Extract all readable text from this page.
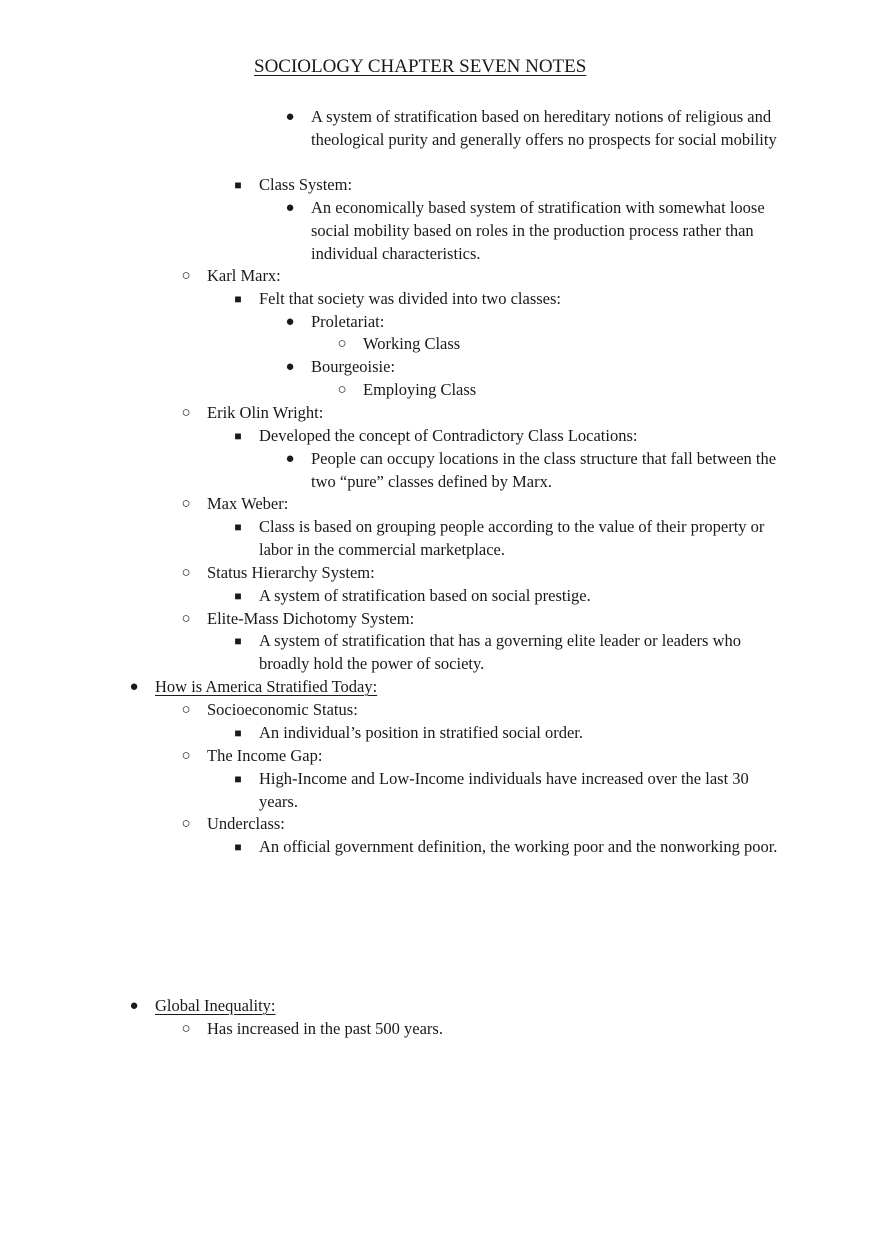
SOCIOLOGY CHAPTER SEVEN NOTES
● A system of stratification based on hereditary notions of religious and theological purity and generally offers no prospects for social mobility
■ Class System:
● An economically based system of stratification with somewhat loose social mobility based on roles in the production process rather than individual characteristics.
○ Karl Marx:
■ Felt that society was divided into two classes:
● Proletariat:
○ Working Class
● Bourgeoisie:
○ Employing Class
○ Erik Olin Wright:
■ Developed the concept of Contradictory Class Locations:
● People can occupy locations in the class structure that fall between the two “pure” classes defined by Marx.
○ Max Weber:
■ Class is based on grouping people according to the value of their property or labor in the commercial marketplace.
○ Status Hierarchy System:
■ A system of stratification based on social prestige.
○ Elite-Mass Dichotomy System:
■ A system of stratification that has a governing elite leader or leaders who broadly hold the power of society.
● How is America Stratified Today:
○ Socioeconomic Status:
■ An individual’s position in stratified social order.
○ The Income Gap:
■ High-Income and Low-Income individuals have increased over the last 30 years.
○ Underclass:
■ An official government definition, the working poor and the nonworking poor.
● Global Inequality:
○ Has increased in the past 500 years.
